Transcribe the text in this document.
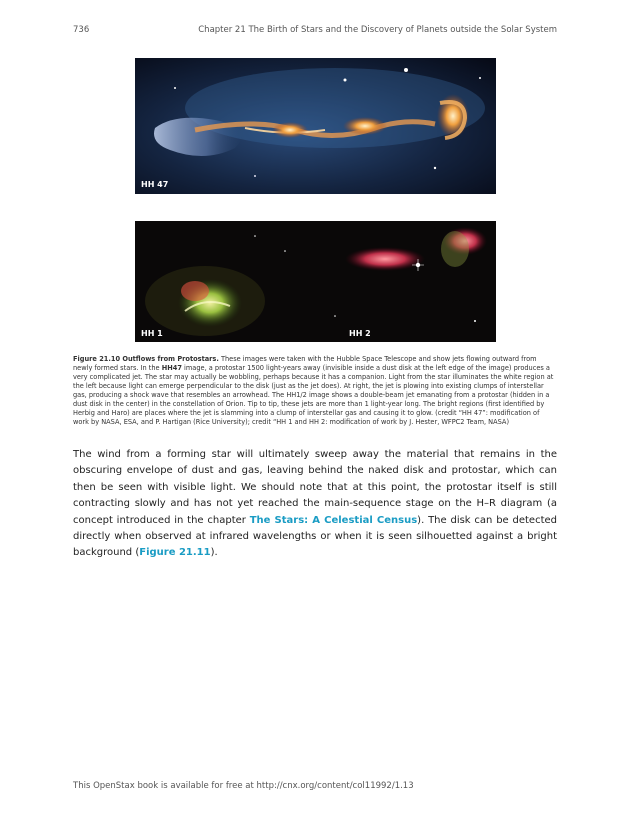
736	Chapter 21 The Birth of Stars and the Discovery of Planets outside the Solar System
HH 47
HH 1	HH 2
Figure 21.10 Outflows from Protostars. These images were taken with the Hubble Space Telescope and show jets flowing outward from newly formed stars. In the HH47 image, a protostar 1500 light-years away (invisible inside a dust disk at the left edge of the image) produces a very complicated jet. The star may actually be wobbling, perhaps because it has a companion. Light from the star illuminates the white region at the left because light can emerge perpendicular to the disk (just as the jet does). At right, the jet is plowing into existing clumps of interstellar gas, producing a shock wave that resembles an arrowhead. The HH1/2 image shows a double-beam jet emanating from a protostar (hidden in a dust disk in the center) in the constellation of Orion. Tip to tip, these jets are more than 1 light-year long. The bright regions (first identified by Herbig and Haro) are places where the jet is slamming into a clump of interstellar gas and causing it to glow. (credit “HH 47”: modification of work by NASA, ESA, and P. Hartigan (Rice University); credit “HH 1 and HH 2: modification of work by J. Hester, WFPC2 Team, NASA)
The wind from a forming star will ultimately sweep away the material that remains in the obscuring envelope of dust and gas, leaving behind the naked disk and protostar, which can then be seen with visible light. We should note that at this point, the protostar itself is still contracting slowly and has not yet reached the main-sequence stage on the H–R diagram (a concept introduced in the chapter The Stars: A Celestial Census). The disk can be detected directly when observed at infrared wavelengths or when it is seen silhouetted against a bright background (Figure 21.11).
This OpenStax book is available for free at http://cnx.org/content/col11992/1.13
